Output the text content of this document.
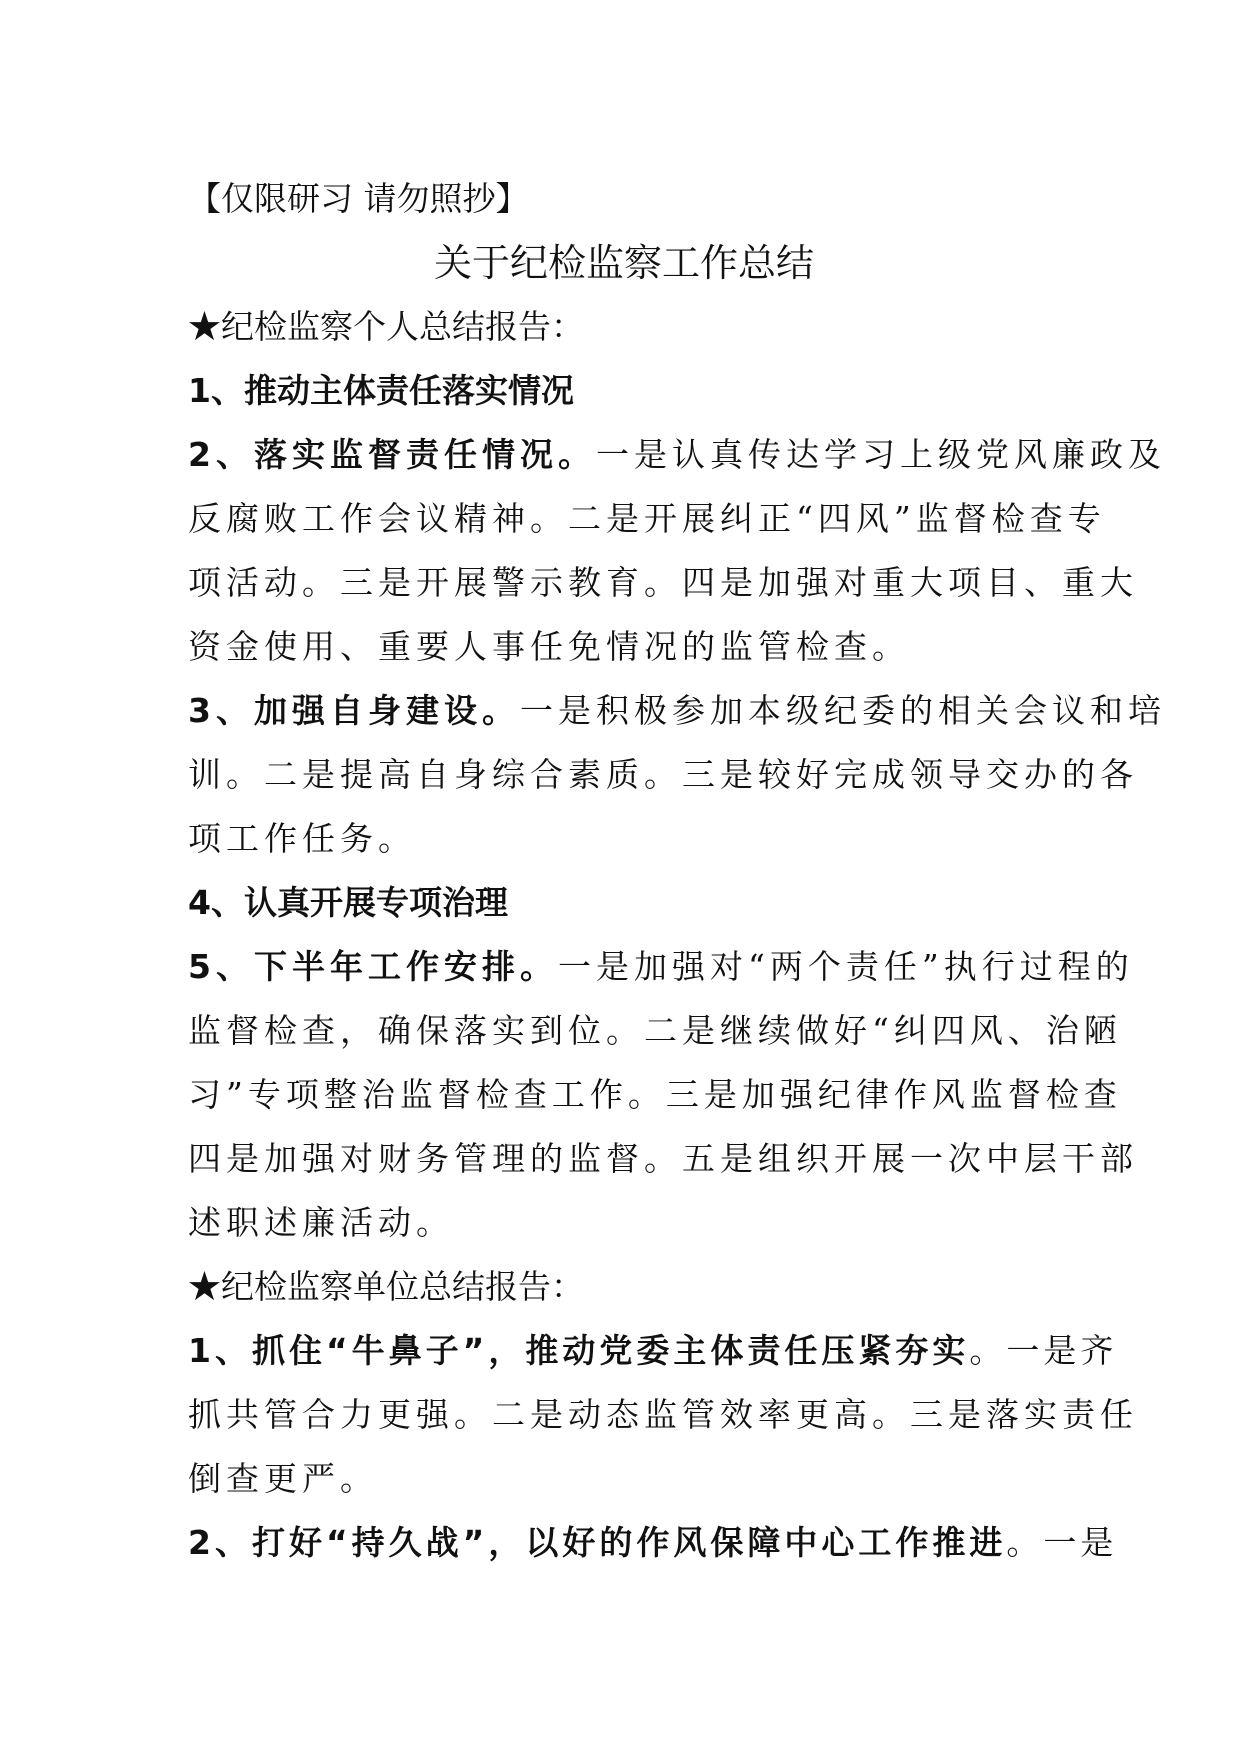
【仅限研习 请勿照抄】
关于纪检监察工作总结
★纪检监察个人总结报告：
1、推动主体责任落实情况
2、落实监督责任情况。一是认真传达学习上级党风廉政及
反腐败工作会议精神。二是开展纠正“四风”监督检查专
项活动。三是开展警示教育。四是加强对重大项目、重大
资金使用、重要人事任免情况的监管检查。
3、加强自身建设。一是积极参加本级纪委的相关会议和培
训。二是提高自身综合素质。三是较好完成领导交办的各
项工作任务。
4、认真开展专项治理
5、下半年工作安排。一是加强对“两个责任”执行过程的
监督检查，确保落实到位。二是继续做好“纠四风、治陋
习”专项整治监督检查工作。三是加强纪律作风监督检查
四是加强对财务管理的监督。五是组织开展一次中层干部
述职述廉活动。
★纪检监察单位总结报告：
1、抓住“牛鼻子”，推动党委主体责任压紧夯实。一是齐
抓共管合力更强。二是动态监管效率更高。三是落实责任
倒查更严。
2、打好“持久战”，以好的作风保障中心工作推进。一是
